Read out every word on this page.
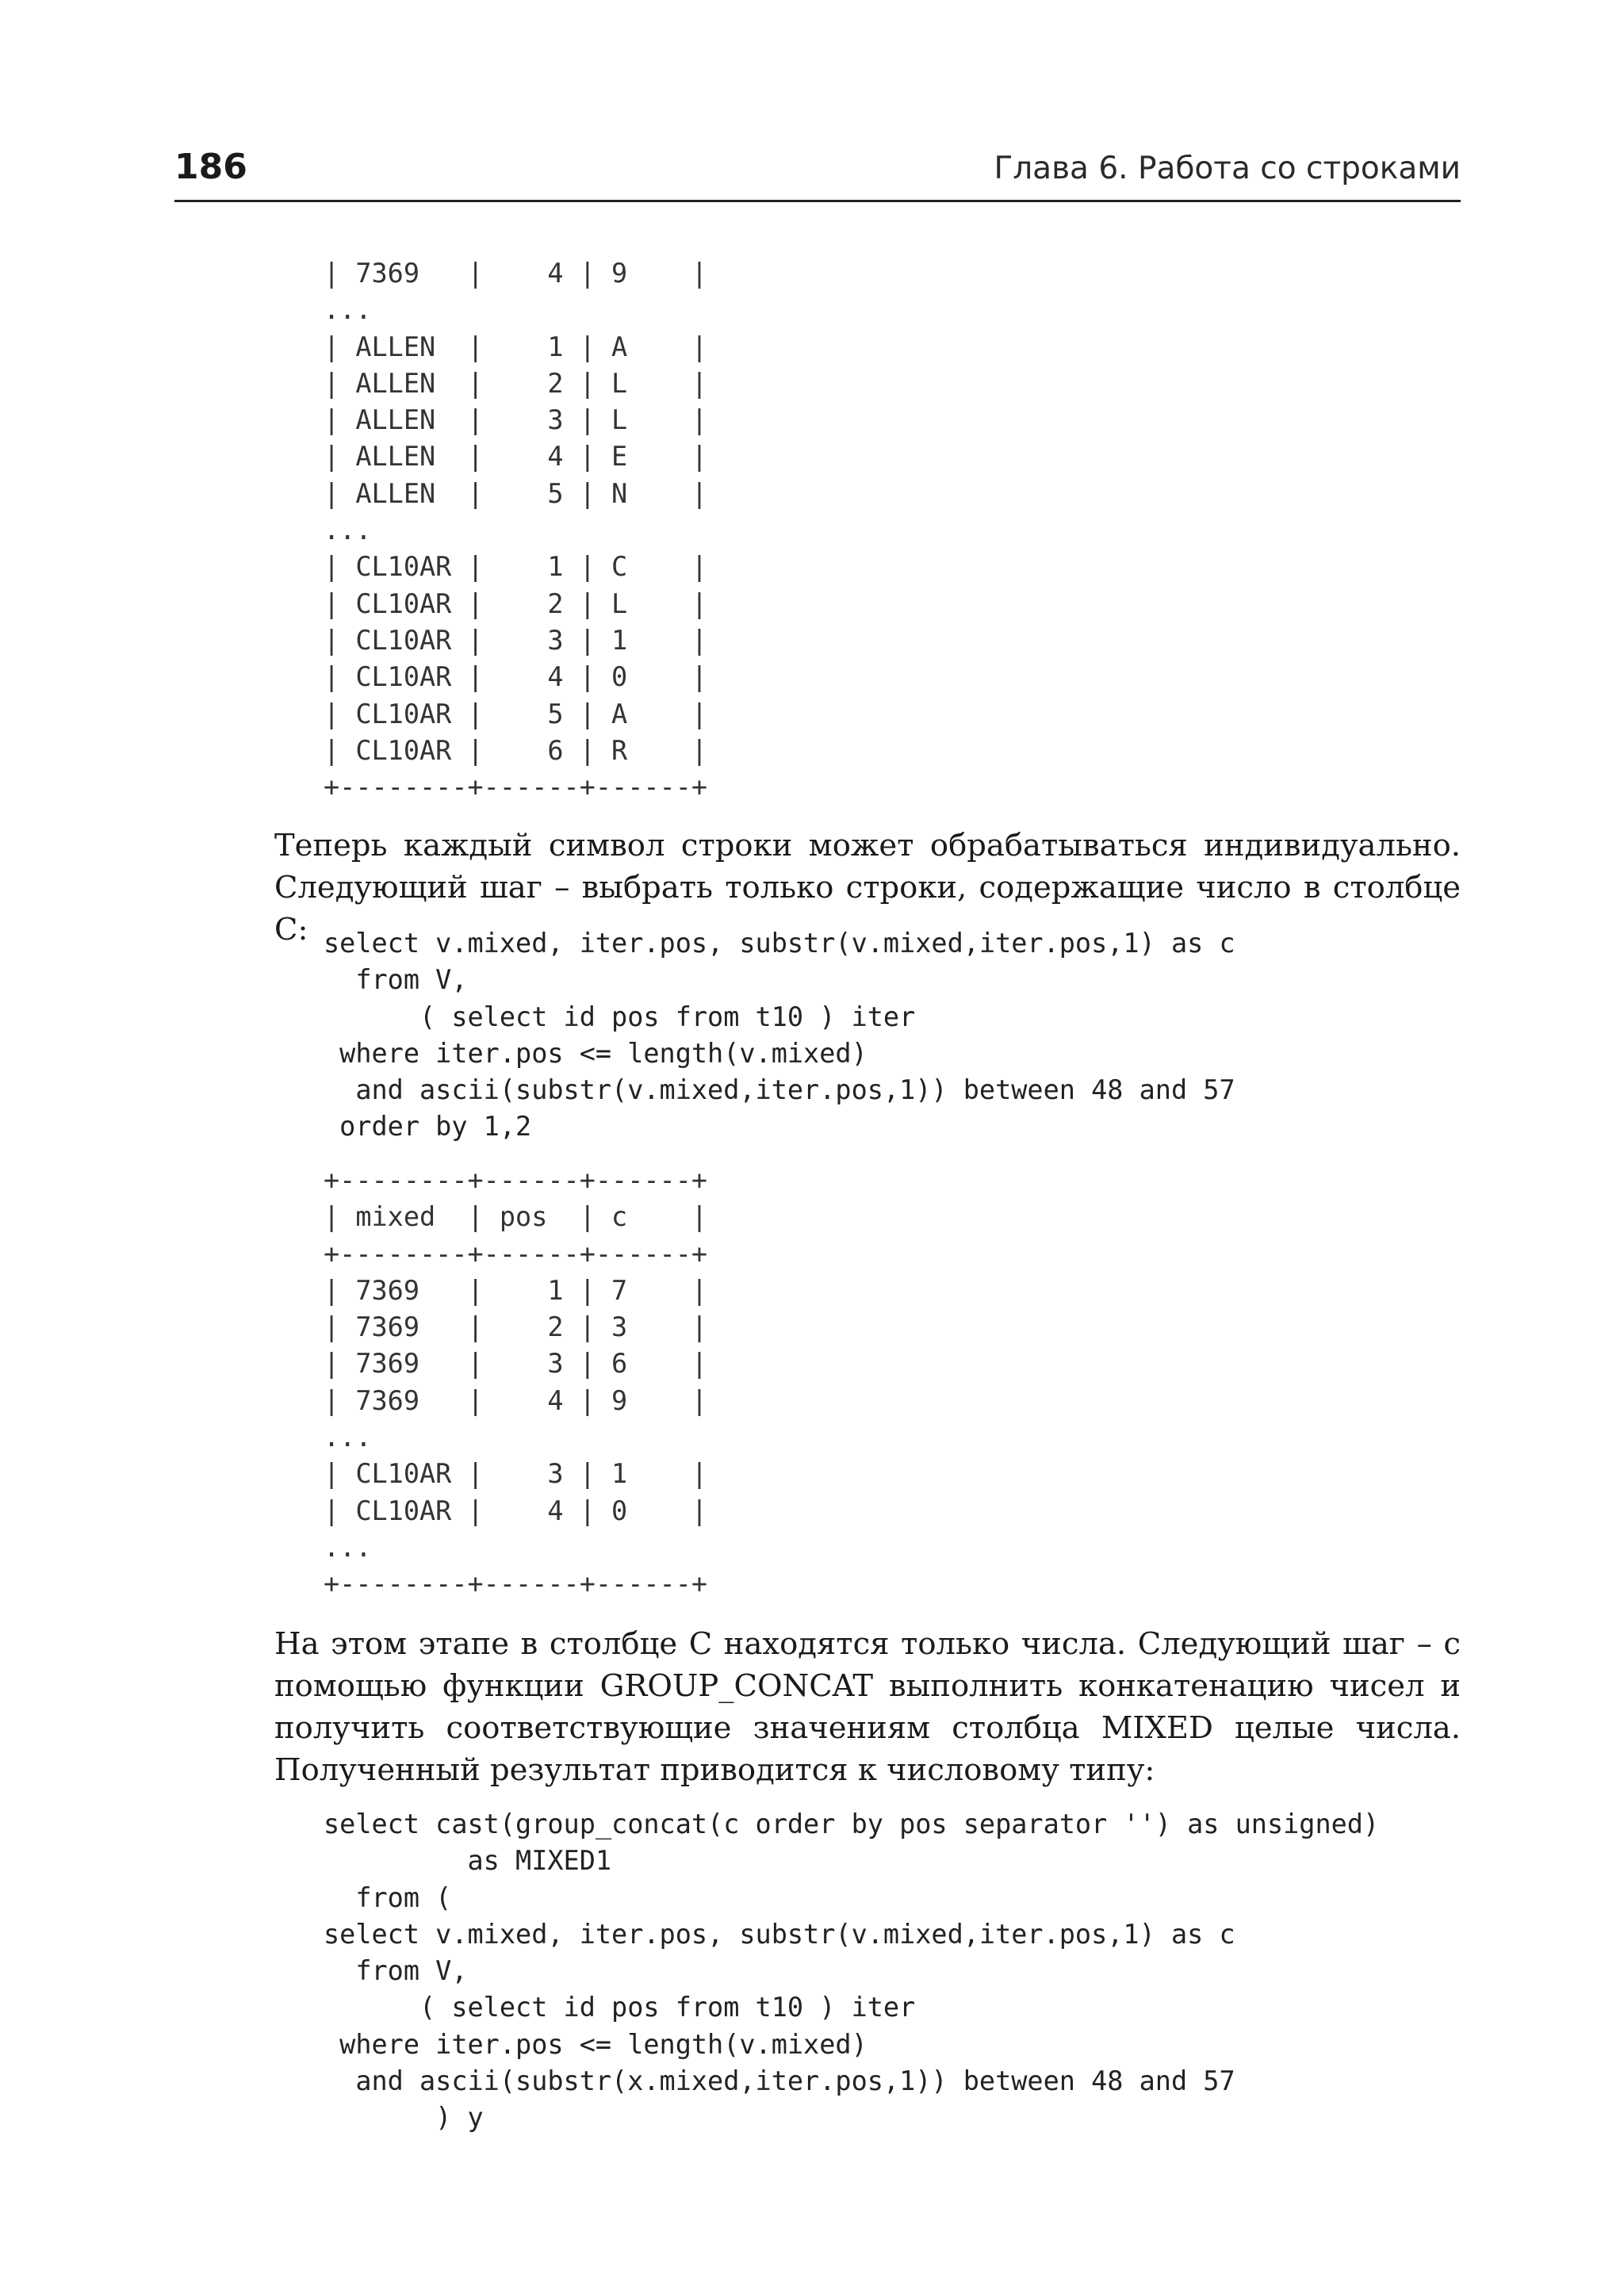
186	Глава 6. Работа со строками
| 7369   |    4 | 9    |
...
| ALLEN  |    1 | A    |
| ALLEN  |    2 | L    |
| ALLEN  |    3 | L    |
| ALLEN  |    4 | E    |
| ALLEN  |    5 | N    |
...
| CL10AR |    1 | C    |
| CL10AR |    2 | L    |
| CL10AR |    3 | 1    |
| CL10AR |    4 | 0    |
| CL10AR |    5 | A    |
| CL10AR |    6 | R    |
+--------+------+------+

Теперь каждый символ строки может обрабатываться индивидуально. Следующий шаг – выбрать только строки, содержащие число в столбце C: select v.mixed, iter.pos, substr(v.mixed,iter.pos,1) as c
from V,
( select id pos from t10 ) iter
where iter.pos <= length(v.mixed)
and ascii(substr(v.mixed,iter.pos,1)) between 48 and 57
order by 1,2
+--------+------+------+
| mixed  | pos  | c    |
+--------+------+------+
| 7369   |    1 | 7    |
| 7369   |    2 | 3    |
| 7369   |    3 | 6    |
| 7369   |    4 | 9    |
...
| CL10AR |    3 | 1    |
| CL10AR |    4 | 0    |
...
+--------+------+------+

На этом этапе в столбце C находятся только числа. Следующий шаг – с помощью функции GROUP_CONCAT выполнить конкатенацию чисел и получить соответствующие значениям столбца MIXED целые числа. Полученный результат приводится к числовому типу:

select cast(group_concat(c order by pos separator '') as unsigned)
as MIXED1
from (
select v.mixed, iter.pos, substr(v.mixed,iter.pos,1) as c
from V,
( select id pos from t10 ) iter
where iter.pos <= length(v.mixed)
and ascii(substr(x.mixed,iter.pos,1)) between 48 and 57
) y
